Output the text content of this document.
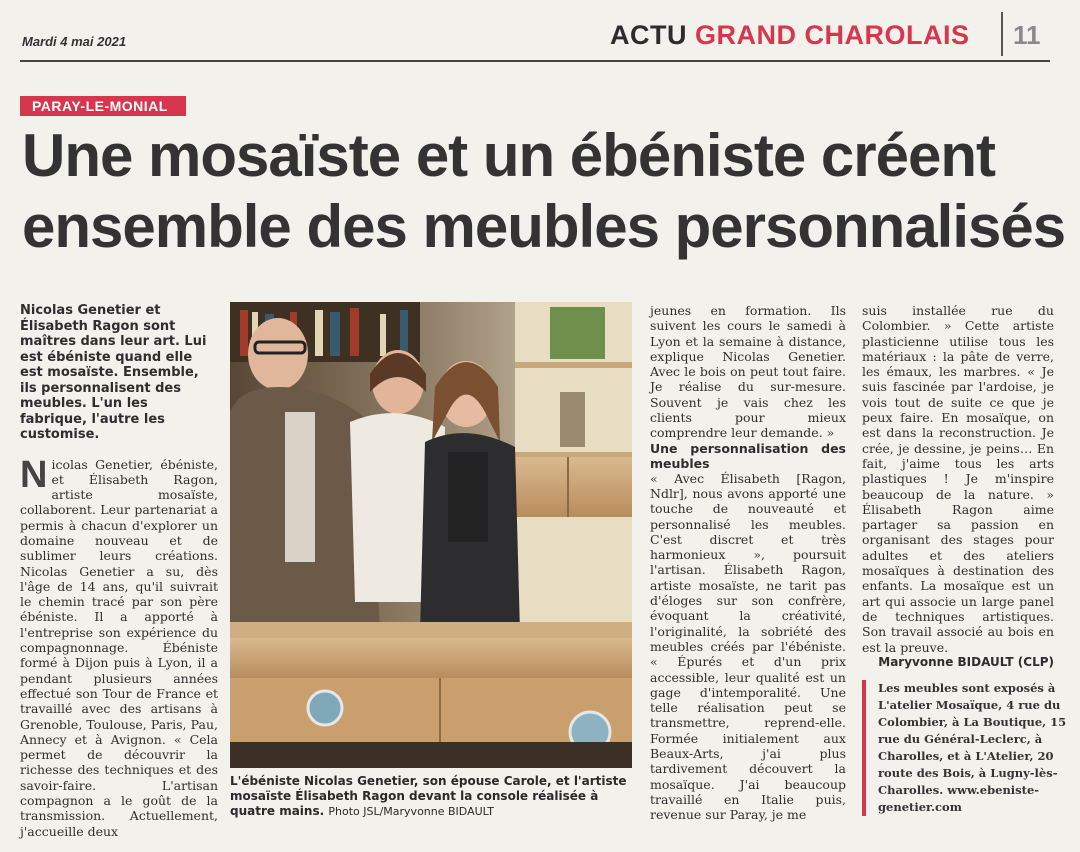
Mardi 4 mai 2021	ACTU GRAND CHAROLAIS 11
PARAY-LE-MONIAL
Une mosaïste et un ébéniste créent
ensemble des meubles personnalisés

Nicolas Genetier et Élisabeth Ragon sont maîtres dans leur art. Lui est ébéniste quand elle est mosaïste. Ensemble, ils personnalisent des meubles. L'un les fabrique, l'autre les customise.

Nicolas Genetier, ébéniste, et Élisabeth Ragon, artiste mosaïste, collaborent. Leur partenariat a permis à chacun d'explorer un domaine nouveau et de sublimer leurs créations. Nicolas Genetier a su, dès l'âge de 14 ans, qu'il suivrait le chemin tracé par son père ébéniste. Il a apporté à l'entreprise son expérience du compagnonnage. Ébéniste formé à Dijon puis à Lyon, il a pendant plusieurs années effectué son Tour de France et travaillé avec des artisans à Grenoble, Toulouse, Paris, Pau, Annecy et à Avignon. « Cela permet de découvrir la richesse des techniques et des savoir-faire. L'artisan compagnon a le goût de la transmission. Actuellement, j'accueille deux

L'ébéniste Nicolas Genetier, son épouse Carole, et l'artiste mosaïste Élisabeth Ragon devant la console réalisée à quatre mains. Photo JSL/Maryvonne BIDAULT

jeunes en formation. Ils suivent les cours le samedi à Lyon et la semaine à distance, explique Nicolas Genetier. Avec le bois on peut tout faire. Je réalise du sur-mesure. Souvent je vais chez les clients pour mieux comprendre leur demande. »

Une personnalisation des meubles

« Avec Élisabeth [Ragon, Ndlr], nous avons apporté une touche de nouveauté et personnalisé les meubles. C'est discret et très harmonieux », poursuit l'artisan. Élisabeth Ragon, artiste mosaïste, ne tarit pas d'éloges sur son confrère, évoquant la créativité, l'originalité, la sobriété des meubles créés par l'ébéniste. « Épurés et d'un prix accessible, leur qualité est un gage d'intemporalité. Une telle réalisation peut se transmettre, reprend-elle. Formée initialement aux Beaux-Arts, j'ai plus tardivement découvert la mosaïque. J'ai beaucoup travaillé en Italie puis, revenue sur Paray, je me

suis installée rue du Colombier. » Cette artiste plasticienne utilise tous les matériaux : la pâte de verre, les émaux, les marbres. « Je suis fascinée par l'ardoise, je vois tout de suite ce que je peux faire. En mosaïque, on est dans la reconstruction. Je crée, je dessine, je peins… En fait, j'aime tous les arts plastiques ! Je m'inspire beaucoup de la nature. » Élisabeth Ragon aime partager sa passion en organisant des stages pour adultes et des ateliers mosaïques à destination des enfants. La mosaïque est un art qui associe un large panel de techniques artistiques. Son travail associé au bois en est la preuve.

Maryvonne BIDAULT (CLP)

Les meubles sont exposés à L'atelier Mosaïque, 4 rue du Colombier, à La Boutique, 15 rue du Général-Leclerc, à Charolles, et à L'Atelier, 20 route des Bois, à Lugny-lès-Charolles. www.ebeniste-genetier.com
